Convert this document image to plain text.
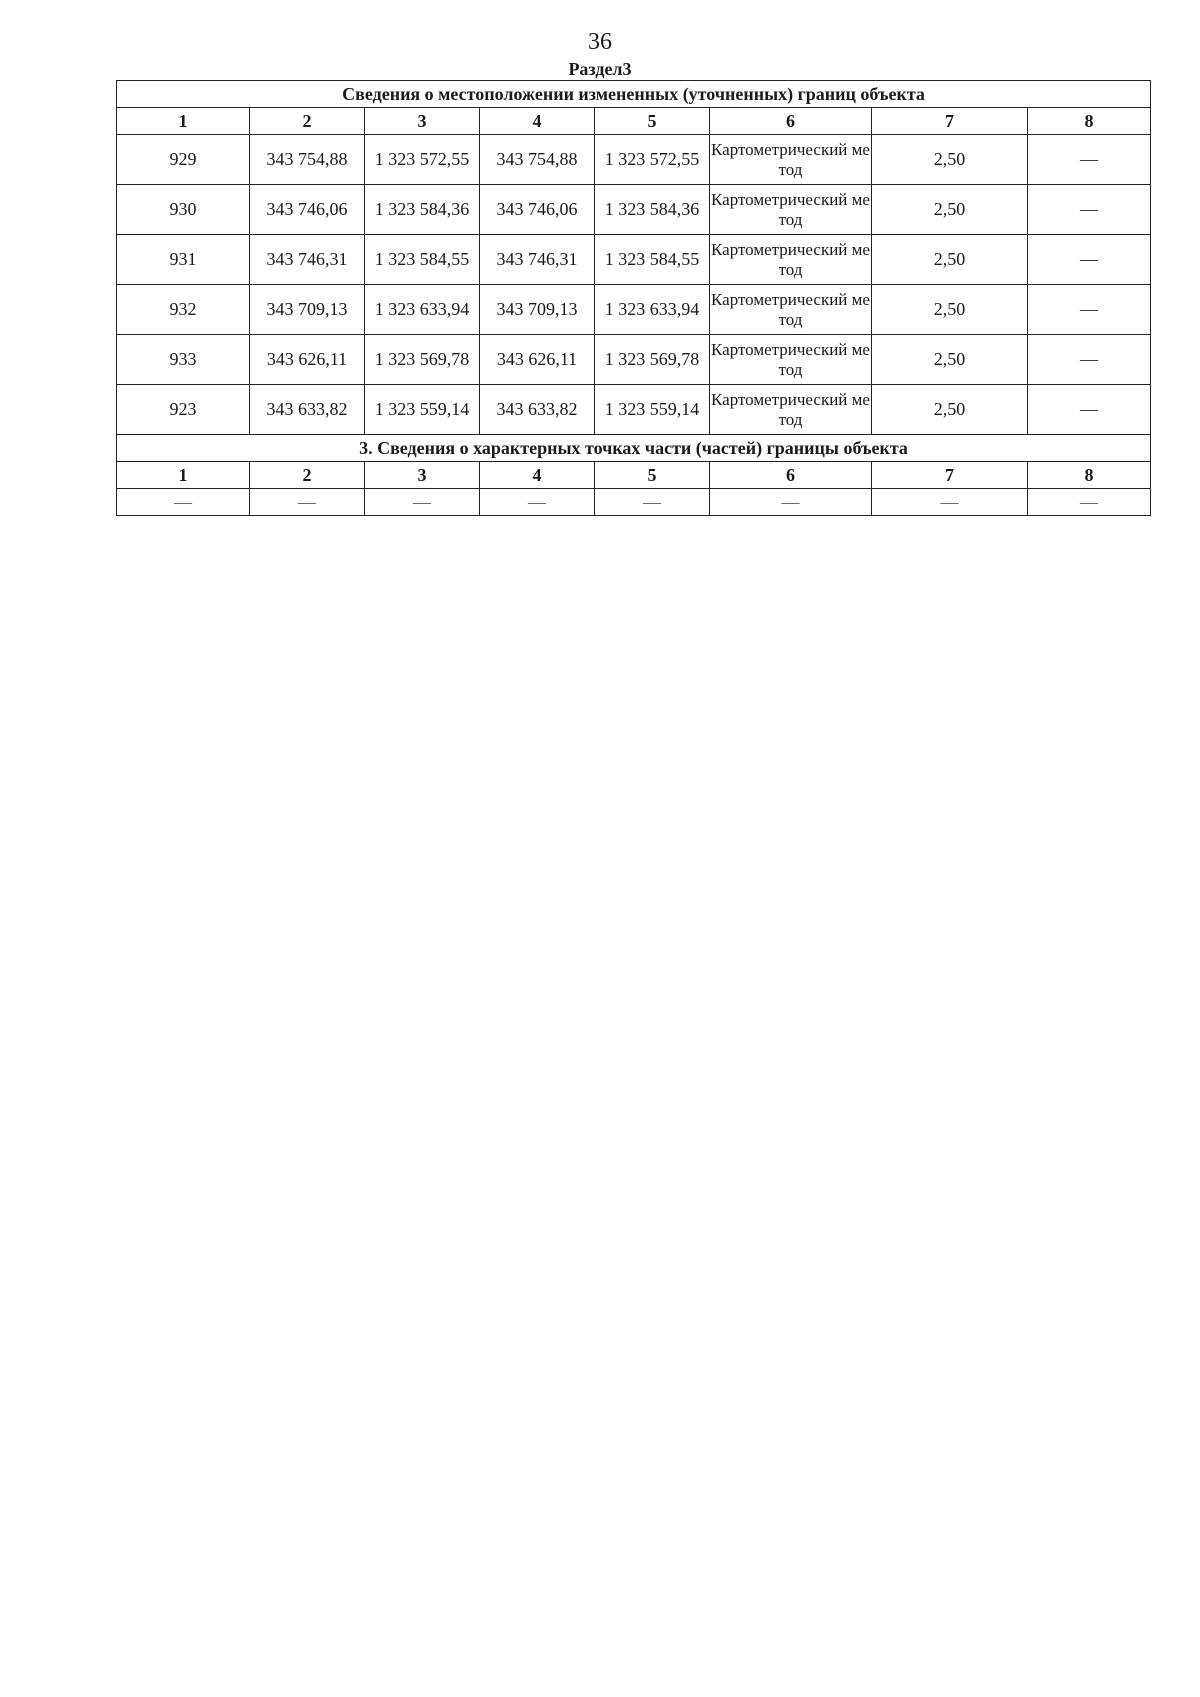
36
Раздел3
Сведения о местоположении измененных (уточненных) границ объекта							
1	2	3	4	5	6	7	8
929	343 754,88	1 323 572,55	343 754,88	1 323 572,55	Картометрический метод	2,50	—
930	343 746,06	1 323 584,36	343 746,06	1 323 584,36	Картометрический метод	2,50	—
931	343 746,31	1 323 584,55	343 746,31	1 323 584,55	Картометрический метод	2,50	—
932	343 709,13	1 323 633,94	343 709,13	1 323 633,94	Картометрический метод	2,50	—
933	343 626,11	1 323 569,78	343 626,11	1 323 569,78	Картометрический метод	2,50	—
923	343 633,82	1 323 559,14	343 633,82	1 323 559,14	Картометрический метод	2,50	—
3. Сведения о характерных точках части (частей) границы объекта							
1	2	3	4	5	6	7	8
—	—	—	—	—	—	—	—
